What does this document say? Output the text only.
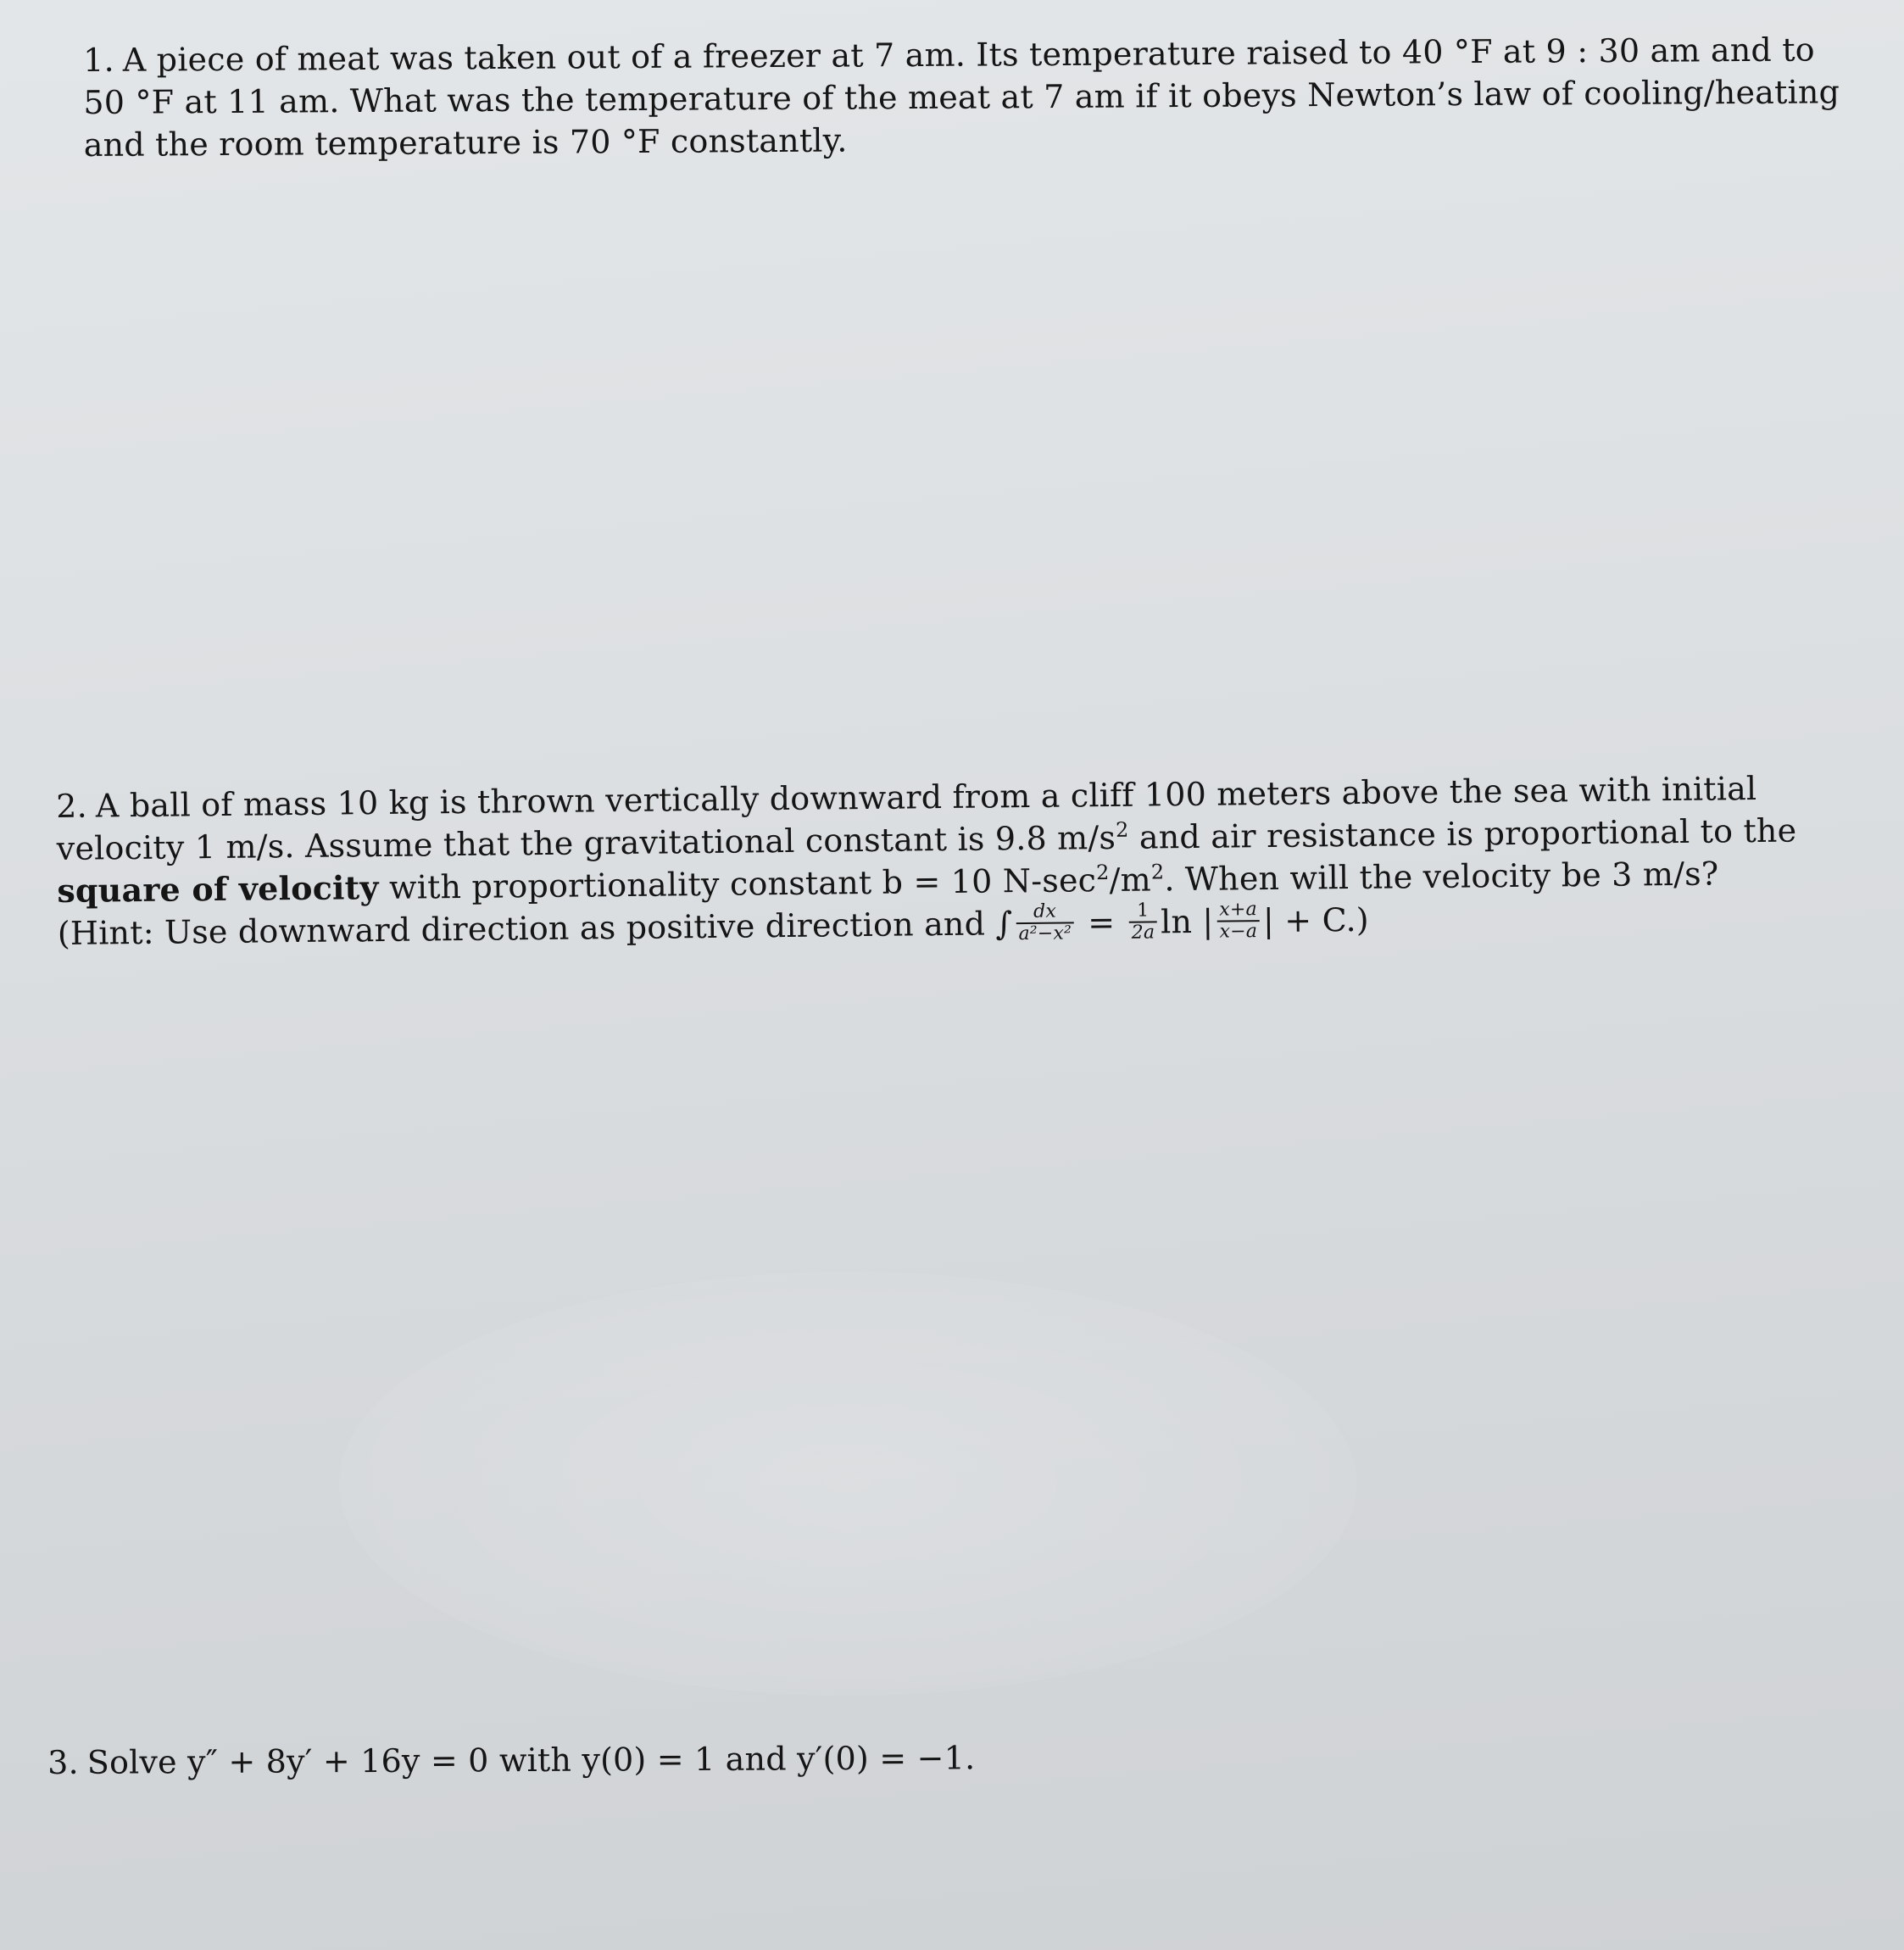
1. A piece of meat was taken out of a freezer at 7 am. Its temperature raised to 40 °F at 9 : 30 am and to
50 °F at 11 am. What was the temperature of the meat at 7 am if it obeys Newton’s law of cooling/heating
and the room temperature is 70 °F constantly.
2. A ball of mass 10 kg is thrown vertically downward from a cliff 100 meters above the sea with initial
velocity 1 m/s. Assume that the gravitational constant is 9.8 $m/s^2$ and air resistance is proportional to the
square of velocity with proportionality constant b = 10 $N-\sec^2/m^2$. When will the velocity be 3 m/s?
(Hint: Use downward direction as positive direction and ∫ $\frac{dx}{\text{a²−x²}} = \frac{1}{2a}$ ln | $\frac{x+a}{x-a}$ | + C.)
3. Solve y″ + 8y′ + 16y = 0 with y(0) = 1 and y′(0) = −1.
